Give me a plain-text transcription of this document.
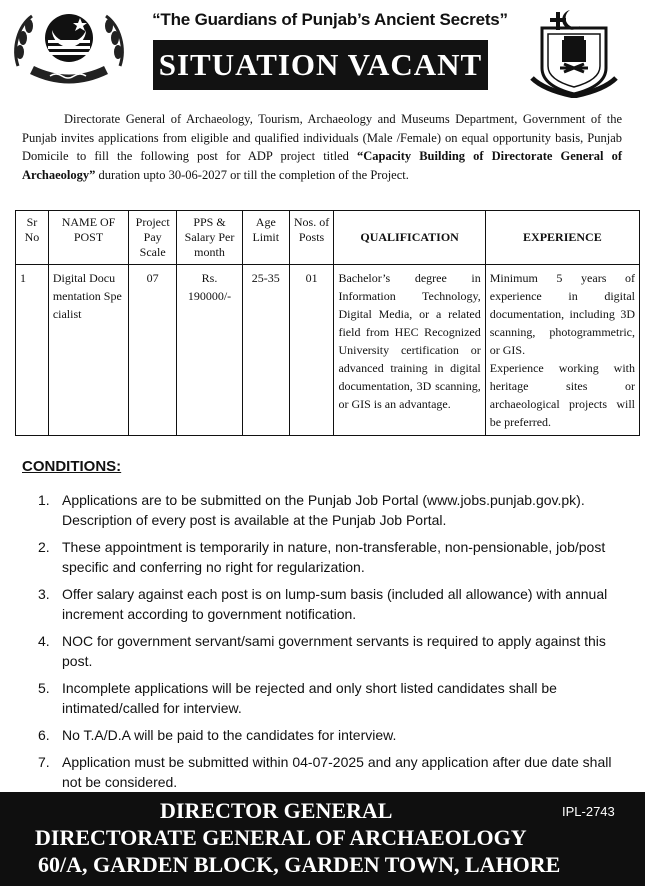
“The Guardians of Punjab’s Ancient Secrets”
SITUATION VACANT

Directorate General of Archaeology, Tourism, Archaeology and Museums Department, Government of the Punjab invites applications from eligible and qualified individuals (Male /Female) on equal opportunity basis, Punjab Domicile to fill the following post for ADP project titled “Capacity Building of Directorate General of Archaeology” duration upto 30-06-2027 or till the completion of the Project.

Sr No	NAME OF POST	Project Pay Scale	PPS & Salary Per month	Age Limit	Nos. of Posts	QUALIFICATION	EXPERIENCE
1	Digital Documentation Specialist	07	Rs. 190000/-	25-35	01	Bachelor’s degree in Information Technology, Digital Media, or a related field from HEC Recognized University certification or advanced training in digital documentation, 3D scanning, or GIS is an advantage.	Minimum 5 years of experience in digital documentation, including 3D scanning, photogrammetric, or GIS.
Experience working with heritage sites or archaeological projects will be preferred.
CONDITIONS:
1. Applications are to be submitted on the Punjab Job Portal (www.jobs.punjab.gov.pk). Description of every post is available at the Punjab Job Portal.
2. These appointment is temporarily in nature, non-transferable, non-pensionable, job/post specific and conferring no right for regularization.
3. Offer salary against each post is on lump-sum basis (included all allowance) with annual increment according to government notification.
4. NOC for government servant/sami government servants is required to apply against this post.
5. Incomplete applications will be rejected and only short listed candidates shall be intimated/called for interview.
6. No T.A/D.A will be paid to the candidates for interview.
7. Application must be submitted within 04-07-2025 and any application after due date shall not be considered.
DIRECTOR GENERAL
DIRECTORATE GENERAL OF ARCHAEOLOGY
60/A, GARDEN BLOCK, GARDEN TOWN, LAHORE
IPL-2743
